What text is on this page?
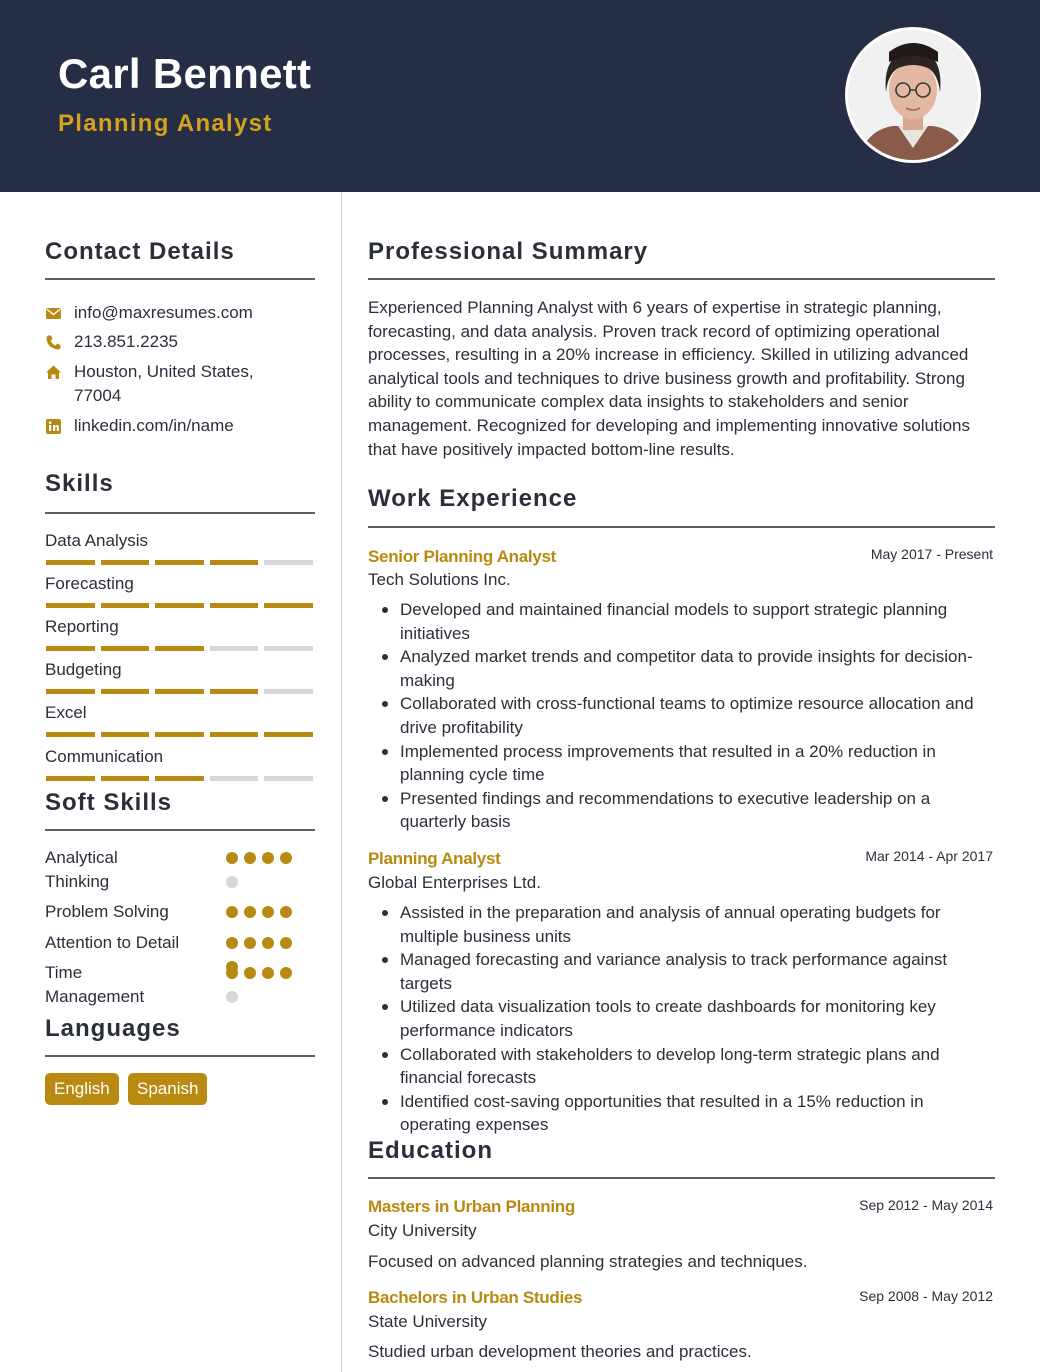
Carl Bennett
Planning Analyst
Contact Details
info@maxresumes.com
213.851.2235
Houston, United States, 77004
linkedin.com/in/name
Skills
Data Analysis
Forecasting
Reporting
Budgeting
Excel
Communication
Soft Skills
Analytical Thinking
Problem Solving
Attention to Detail
Time Management
Languages
English	Spanish
Professional Summary
Experienced Planning Analyst with 6 years of expertise in strategic planning, forecasting, and data analysis. Proven track record of optimizing operational processes, resulting in a 20% increase in efficiency. Skilled in utilizing advanced analytical tools and techniques to drive business growth and profitability. Strong ability to communicate complex data insights to stakeholders and senior management. Recognized for developing and implementing innovative solutions that have positively impacted bottom-line results.
Work Experience
Senior Planning Analyst	May 2017 - Present
Tech Solutions Inc.
Developed and maintained financial models to support strategic planning initiatives
Analyzed market trends and competitor data to provide insights for decision-making
Collaborated with cross-functional teams to optimize resource allocation and drive profitability
Implemented process improvements that resulted in a 20% reduction in planning cycle time
Presented findings and recommendations to executive leadership on a quarterly basis
Planning Analyst	Mar 2014 - Apr 2017
Global Enterprises Ltd.
Assisted in the preparation and analysis of annual operating budgets for multiple business units
Managed forecasting and variance analysis to track performance against targets
Utilized data visualization tools to create dashboards for monitoring key performance indicators
Collaborated with stakeholders to develop long-term strategic plans and financial forecasts
Identified cost-saving opportunities that resulted in a 15% reduction in operating expenses
Education
Masters in Urban Planning	Sep 2012 - May 2014
City University
Focused on advanced planning strategies and techniques.
Bachelors in Urban Studies	Sep 2008 - May 2012
State University
Studied urban development theories and practices.
